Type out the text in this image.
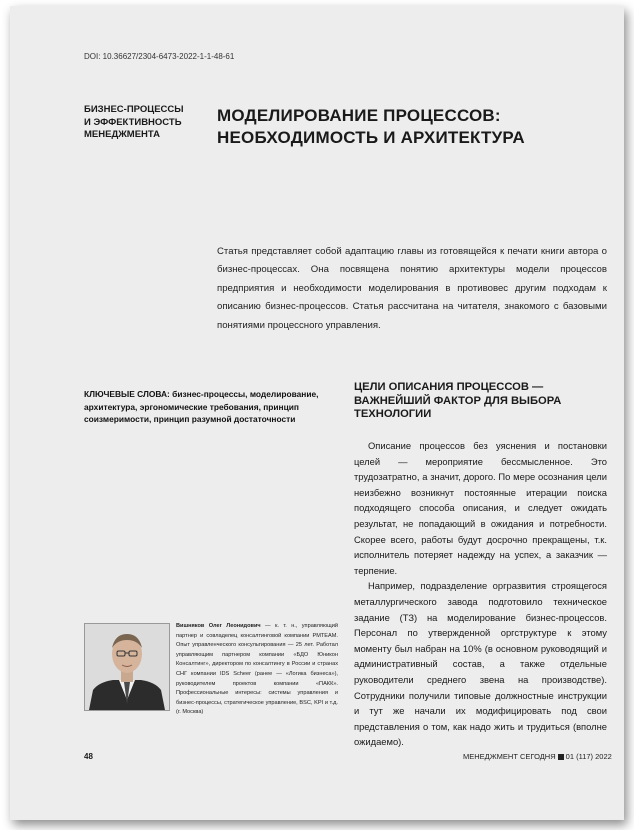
DOI: 10.36627/2304-6473-2022-1-1-48-61
БИЗНЕС-ПРОЦЕССЫ
И ЭФФЕКТИВНОСТЬ
МЕНЕДЖМЕНТА
МОДЕЛИРОВАНИЕ ПРОЦЕССОВ:
НЕОБХОДИМОСТЬ И АРХИТЕКТУРА
Статья представляет собой адаптацию главы из готовящейся к печати книги автора о бизнес-процессах. Она посвящена понятию архитектуры модели процессов предприятия и необходимости моделирования в противовес другим подходам к описанию бизнес-процессов. Статья рассчитана на читателя, знакомого с базовыми понятиями процессного управления.
КЛЮЧЕВЫЕ СЛОВА: бизнес-процессы, моделирование, архитектура, эргономические требования, принцип соизмеримости, принцип разумной достаточности
ЦЕЛИ ОПИСАНИЯ ПРОЦЕССОВ —
ВАЖНЕЙШИЙ ФАКТОР ДЛЯ ВЫБОРА
ТЕХНОЛОГИИ

Описание процессов без уяснения и постановки целей — мероприятие бессмысленное. Это трудозатратно, а значит, дорого. По мере осознания цели неизбежно возникнут постоянные итерации поиска подходящего способа описания, и следует ожидать результат, не попадающий в ожидания и потребности. Скорее всего, работы будут досрочно прекращены, т.к. исполнитель потеряет надежду на успех, а заказчик — терпение.

Например, подразделение оргразвития строящегося металлургического завода подготовило техническое задание (ТЗ) на моделирование бизнес-процессов. Персонал по утвержденной оргструктуре к этому моменту был набран на 10% (в основном руководящий и административный состав, а также отдельные руководители среднего звена на производстве). Сотрудники получили типовые должностные инструкции и тут же начали их модифицировать под свои представления о том, как надо жить и трудиться (вполне ожидаемо).

Вишняков Олег Леонидович — к. т. н., управляющий партнер и совладелец консалтинговой компании PMTEAM. Опыт управленческого консультирования — 25 лет. Работал управляющим партнером компании «БДО Юникон Консалтинг», директором по консалтингу в России и странах СНГ компании IDS Scheer (ранее — «Логика бизнеса»), руководителем проектов компании «ПАКК». Профессиональные интересы: системы управления и бизнес-процессы, стратегическое управление, BSC, KPI и т.д. (г. Москва)
48	МЕНЕДЖМЕНТ СЕГОДНЯ 01 (117) 2022
